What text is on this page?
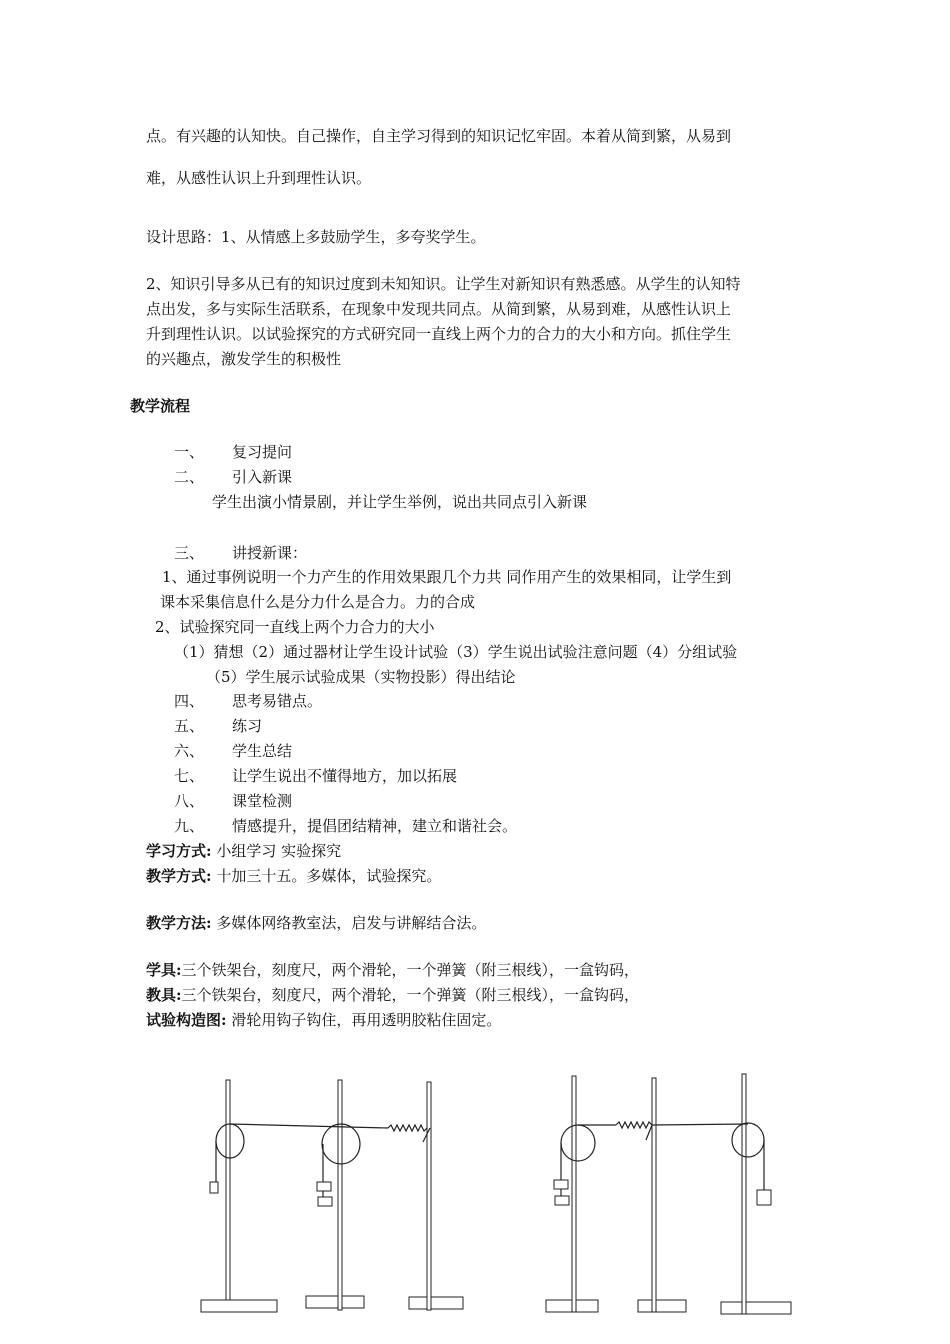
点。有兴趣的认知快。自己操作，自主学习得到的知识记忆牢固。本着从简到繁，从易到
难，从感性认识上升到理性认识。
设计思路：1、从情感上多鼓励学生，多夸奖学生。
2、知识引导多从已有的知识过度到未知知识。让学生对新知识有熟悉感。从学生的认知特
点出发，多与实际生活联系，在现象中发现共同点。从简到繁，从易到难，从感性认识上
升到理性认识。以试验探究的方式研究同一直线上两个力的合力的大小和方向。抓住学生
的兴趣点，激发学生的积极性
教学流程
一、 复习提问
二、 引入新课
学生出演小情景剧，并让学生举例，说出共同点引入新课
三、 讲授新课：
1、通过事例说明一个力产生的作用效果跟几个力共 同作用产生的效果相同，让学生到
课本采集信息什么是分力什么是合力。力的合成
2、试验探究同一直线上两个力合力的大小
（1）猜想（2）通过器材让学生设计试验（3）学生说出试验注意问题（4）分组试验
（5）学生展示试验成果（实物投影）得出结论
四、 思考易错点。
五、 练习
六、 学生总结
七、 让学生说出不懂得地方，加以拓展
八、 课堂检测
九、 情感提升，提倡团结精神，建立和谐社会。
学习方式: 小组学习 实验探究
教学方式: 十加三十五。多媒体，试验探究。
教学方法: 多媒体网络教室法，启发与讲解结合法。
学具:三个铁架台，刻度尺，两个滑轮，一个弹簧（附三根线），一盒钩码，
教具:三个铁架台，刻度尺，两个滑轮，一个弹簧（附三根线），一盒钩码，
试验构造图: 滑轮用钩子钩住，再用透明胶粘住固定。
